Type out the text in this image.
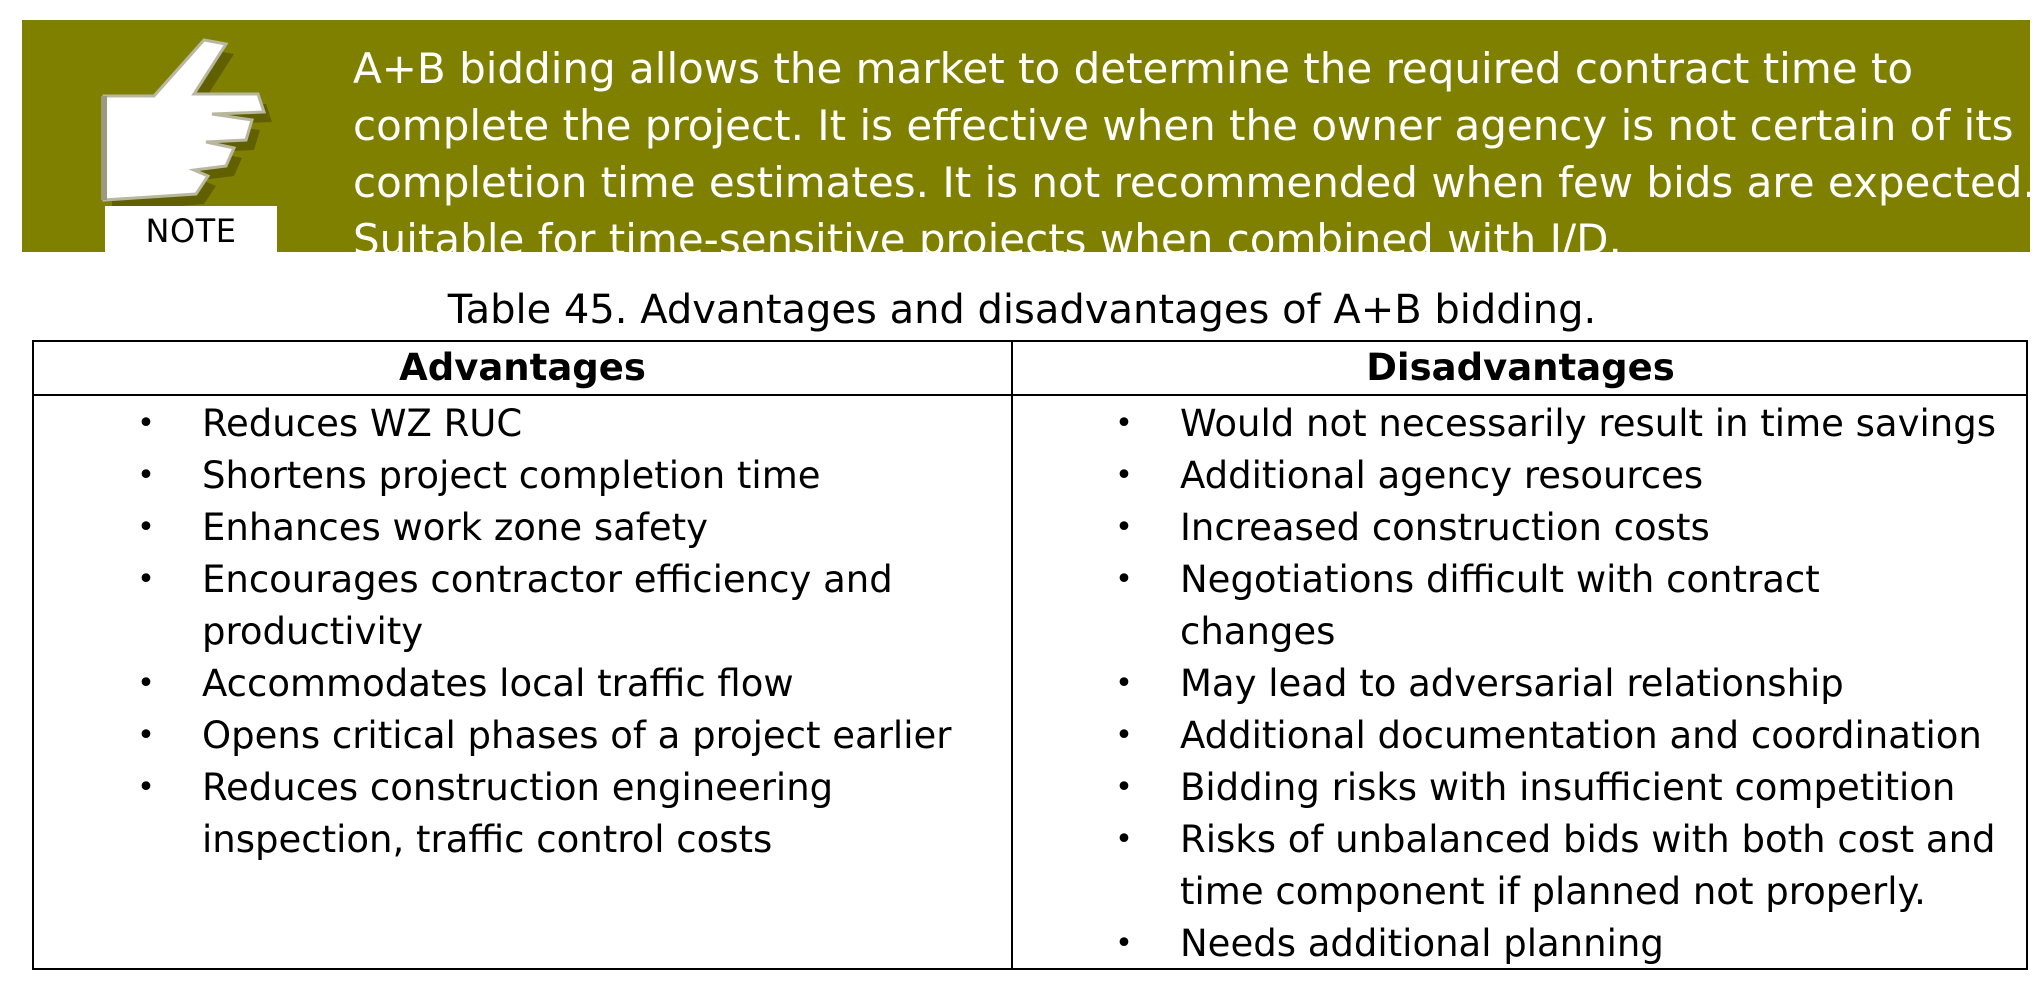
NOTE
A+B bidding allows the market to determine the required contract time to
complete the project. It is effective when the owner agency is not certain of its
completion time estimates. It is not recommended when few bids are expected.
Suitable for time-sensitive projects when combined with I/D.
Table 45. Advantages and disadvantages of A+B bidding.
Advantages	Disadvantages
• Reduces WZ RUC
• Shortens project completion time
• Enhances work zone safety
• Encourages contractor efficiency and
productivity
• Accommodates local traffic flow
• Opens critical phases of a project earlier
• Reduces construction engineering
inspection, traffic control costs
• Would not necessarily result in time savings
• Additional agency resources
• Increased construction costs
• Negotiations difficult with contract
changes
• May lead to adversarial relationship
• Additional documentation and coordination
• Bidding risks with insufficient competition
• Risks of unbalanced bids with both cost and
time component if planned not properly.
• Needs additional planning
